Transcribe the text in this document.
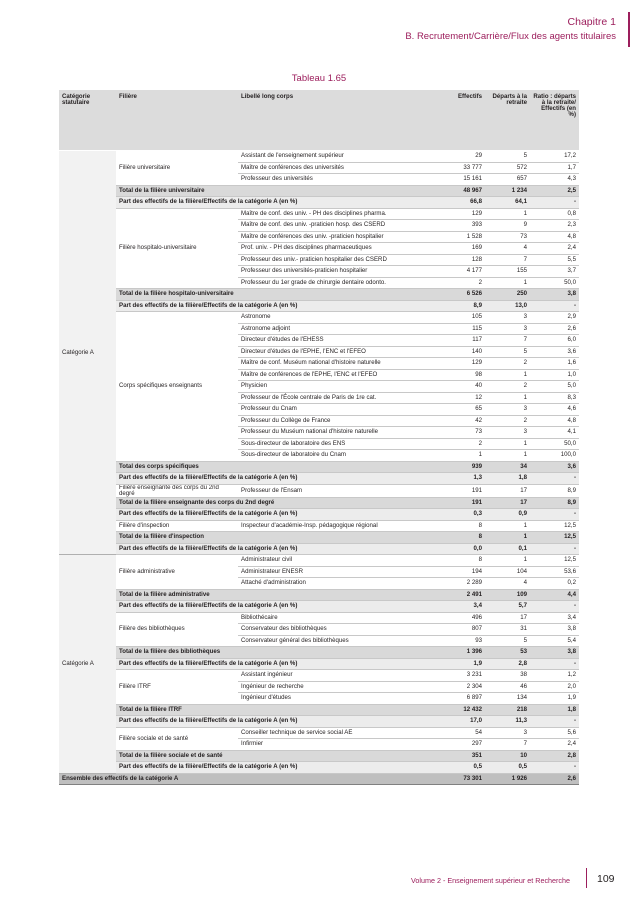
Chapitre 1
B. Recrutement/Carrière/Flux des agents titulaires
Tableau 1.65
Catégorie statutaire	Filière	Libellé long corps	Effectifs	Départs à la retraite	Ratio : départs à la retraite/ Effectifs (en %)
Catégorie A	Filière universitaire	Assistant de l'enseignement supérieur	29	5	17,2
		Maître de conférences des universités	33 777	572	1,7
		Professeur des universités	15 161	657	4,3
	Total de la filière universitaire		48 967	1 234	2,5
	Part des effectifs de la filière/Effectifs de la catégorie A (en %)		66,8	64,1	-
	Filière hospitalo-universitaire	Maître de conf. des univ. - PH des disciplines pharma.	129	1	0,8
		Maître de conf. des univ. -praticien hosp. des CSERD	393	9	2,3
		Maître de conférences des univ. -praticien hospitalier	1 528	73	4,8
		Prof. univ. - PH des disciplines pharmaceutiques	169	4	2,4
		Professeur des univ.- praticien hospitalier des CSERD	128	7	5,5
		Professeur des universités-praticien hospitalier	4 177	155	3,7
		Professeur du 1er grade de chirurgie dentaire odonto.	2	1	50,0
	Total de la filière hospitalo-universitaire		6 526	250	3,8
	Part des effectifs de la filière/Effectifs de la catégorie A (en %)		8,9	13,0	-
	Corps spécifiques enseignants	Astronome	105	3	2,9
		Astronome adjoint	115	3	2,6
		Directeur d'études de l'EHESS	117	7	6,0
		Directeur d'études de l'EPHE, l'ENC et l'EFEO	140	5	3,6
		Maître de conf. Muséum national d'histoire naturelle	129	2	1,6
		Maître de conférences de l'EPHE, l'ENC et l'EFEO	98	1	1,0
		Physicien	40	2	5,0
		Professeur de l'École centrale de Paris de 1re cat.	12	1	8,3
		Professeur du Cnam	65	3	4,6
		Professeur du Collège de France	42	2	4,8
		Professeur du Muséum national d'histoire naturelle	73	3	4,1
		Sous-directeur de laboratoire des ENS	2	1	50,0
		Sous-directeur de laboratoire du Cnam	1	1	100,0
	Total des corps spécifiques		939	34	3,6
	Part des effectifs de la filière/Effectifs de la catégorie A (en %)		1,3	1,8	-
	Filière enseignante des corps du 2nd degré	Professeur de l'Ensam	191	17	8,9
	Total de la filière enseignante des corps du 2nd degré		191	17	8,9
	Part des effectifs de la filière/Effectifs de la catégorie A (en %)		0,3	0,9	-
	Filière d'inspection	Inspecteur d'académie-Insp. pédagogique régional	8	1	12,5
	Total de la filière d'inspection		8	1	12,5
	Part des effectifs de la filière/Effectifs de la catégorie A (en %)		0,0	0,1	-
Catégorie A	Filière administrative	Administrateur civil	8	1	12,5
		Administrateur ENESR	194	104	53,6
		Attaché d'administration	2 289	4	0,2
	Total de la filière administrative		2 491	109	4,4
	Part des effectifs de la filière/Effectifs de la catégorie A (en %)		3,4	5,7	-
	Filière des bibliothèques	Bibliothécaire	496	17	3,4
		Conservateur des bibliothèques	807	31	3,8
		Conservateur général des bibliothèques	93	5	5,4
	Total de la filière des bibliothèques		1 396	53	3,8
	Part des effectifs de la filière/Effectifs de la catégorie A (en %)		1,9	2,8	-
	Filière ITRF	Assistant ingénieur	3 231	38	1,2
		Ingénieur de recherche	2 304	46	2,0
		Ingénieur d'études	6 897	134	1,9
	Total de la filière ITRF		12 432	218	1,8
	Part des effectifs de la filière/Effectifs de la catégorie A (en %)		17,0	11,3	-
	Filière sociale et de santé	Conseiller technique de service social AE	54	3	5,6
		Infirmier	297	7	2,4
	Total de la filière sociale et de santé		351	10	2,8
	Part des effectifs de la filière/Effectifs de la catégorie A (en %)		0,5	0,5	-
Ensemble des effectifs de la catégorie A			73 301	1 926	2,6
Volume 2 - Enseignement supérieur et Recherche	109
